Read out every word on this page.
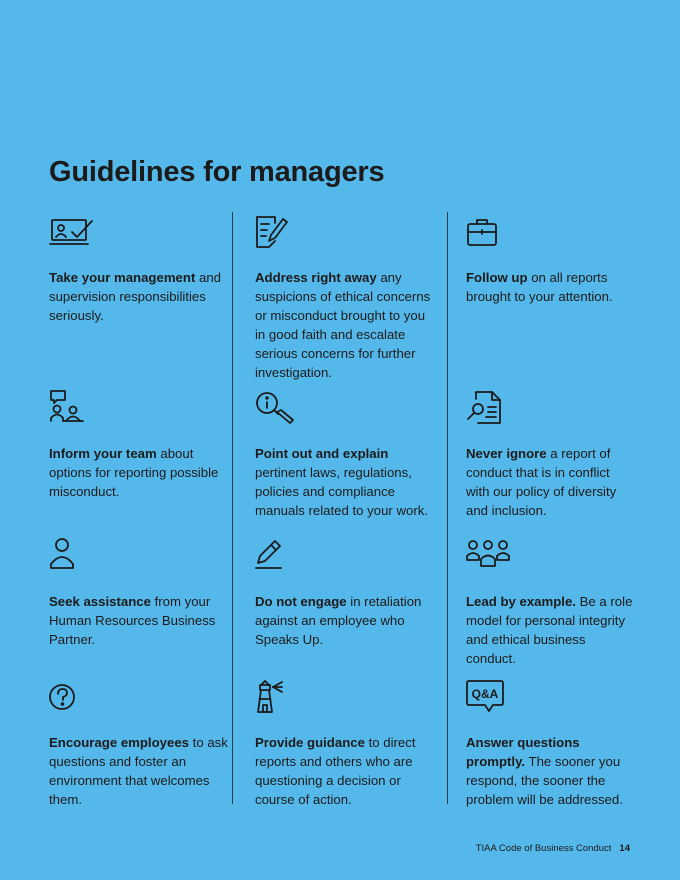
Guidelines for managers

Take your management and supervision responsibilities seriously.

Address right away any suspicions of ethical concerns or misconduct brought to you in good faith and escalate serious concerns for further investigation.

Follow up on all reports brought to your attention.

Inform your team about options for reporting possible misconduct.

Point out and explain pertinent laws, regulations, policies and compliance manuals related to your work.

Never ignore a report of conduct that is in conflict with our policy of diversity and inclusion.

Seek assistance from your Human Resources Business Partner.

Do not engage in retaliation against an employee who Speaks Up.

Lead by example. Be a role model for personal integrity and ethical business conduct.

Encourage employees to ask questions and foster an environment that welcomes them.

Provide guidance to direct reports and others who are questioning a decision or course of action.

Q&A

Answer questions promptly. The sooner you respond, the sooner the problem will be addressed.

TIAA Code of Business Conduct 14
